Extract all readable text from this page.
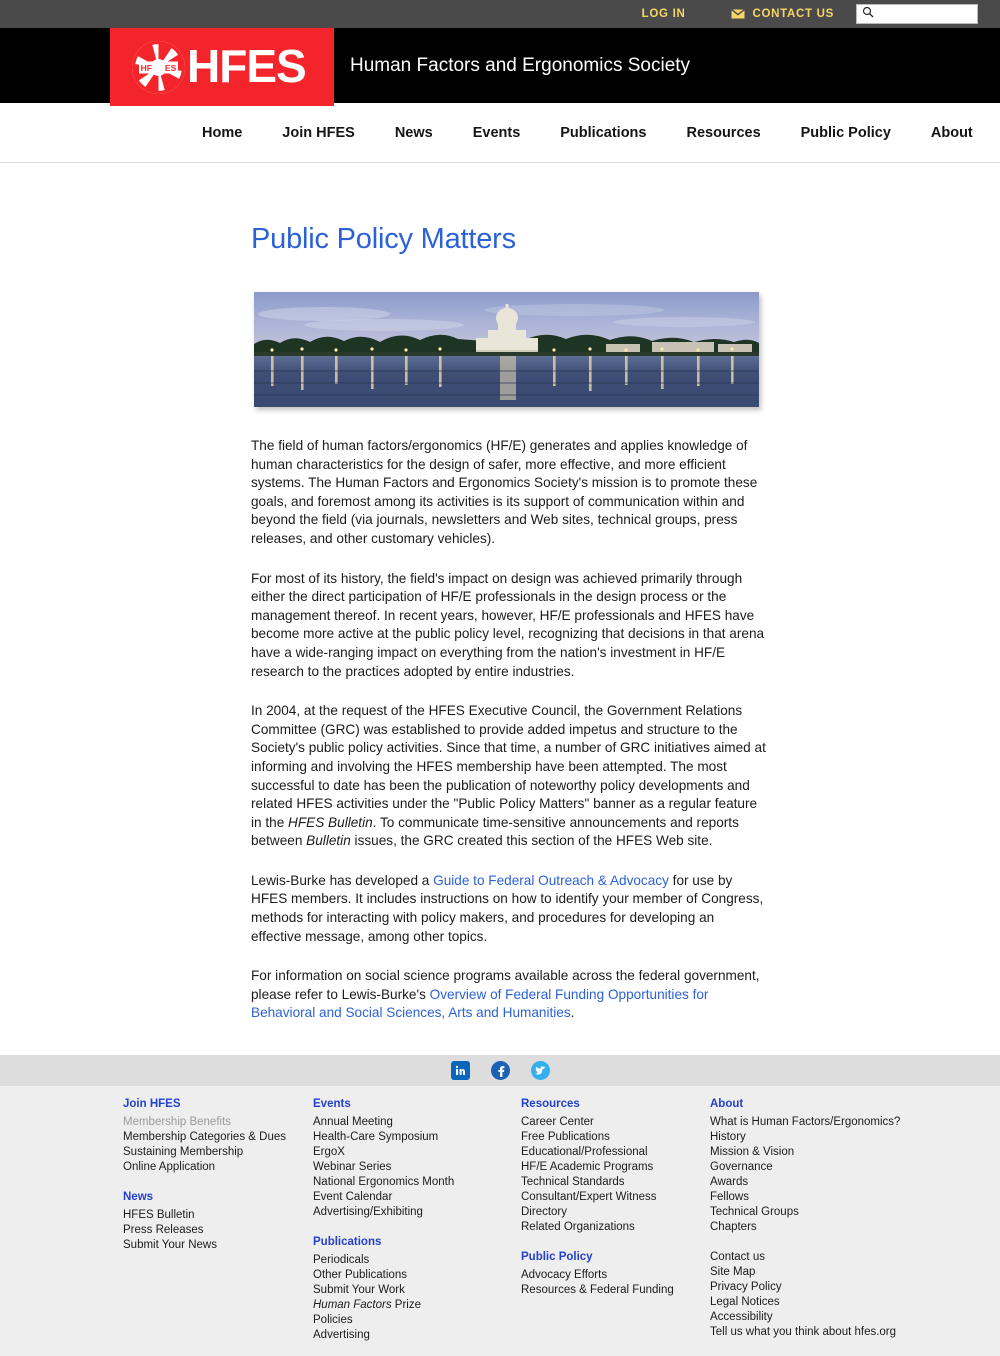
LOG IN	CONTACT US
HF ES HFES Human Factors and Ergonomics Society
Home	Join HFES	News	Events	Publications	Resources	Public Policy	About
Public Policy Matters

The field of human factors/ergonomics (HF/E) generates and applies knowledge of human characteristics for the design of safer, more effective, and more efficient systems. The Human Factors and Ergonomics Society's mission is to promote these goals, and foremost among its activities is its support of communication within and beyond the field (via journals, newsletters and Web sites, technical groups, press releases, and other customary vehicles).

For most of its history, the field's impact on design was achieved primarily through either the direct participation of HF/E professionals in the design process or the management thereof. In recent years, however, HF/E professionals and HFES have become more active at the public policy level, recognizing that decisions in that arena have a wide-ranging impact on everything from the nation's investment in HF/E research to the practices adopted by entire industries.

In 2004, at the request of the HFES Executive Council, the Government Relations Committee (GRC) was established to provide added impetus and structure to the Society's public policy activities. Since that time, a number of GRC initiatives aimed at informing and involving the HFES membership have been attempted. The most successful to date has been the publication of noteworthy policy developments and related HFES activities under the "Public Policy Matters" banner as a regular feature in the HFES Bulletin. To communicate time-sensitive announcements and reports between Bulletin issues, the GRC created this section of the HFES Web site.

Lewis-Burke has developed a Guide to Federal Outreach & Advocacy for use by HFES members. It includes instructions on how to identify your member of Congress, methods for interacting with policy makers, and procedures for developing an effective message, among other topics.

For information on social science programs available across the federal government, please refer to Lewis-Burke's Overview of Federal Funding Opportunities for Behavioral and Social Sciences, Arts and Humanities.

Join HFES
Membership Benefits
Membership Categories & Dues
Sustaining Membership
Online Application
News
HFES Bulletin
Press Releases
Submit Your News
Events
Annual Meeting
Health-Care Symposium
ErgoX
Webinar Series
National Ergonomics Month
Event Calendar
Advertising/Exhibiting
Publications
Periodicals
Other Publications
Submit Your Work
Human Factors Prize
Policies
Advertising
Resources
Career Center
Free Publications
Educational/Professional
HF/E Academic Programs
Technical Standards
Consultant/Expert Witness Directory
Related Organizations
Public Policy
Advocacy Efforts
Resources & Federal Funding
About
What is Human Factors/Ergonomics?
History
Mission & Vision
Governance
Awards
Fellows
Technical Groups
Chapters
Contact us
Site Map
Privacy Policy
Legal Notices
Accessibility
Tell us what you think about hfes.org
